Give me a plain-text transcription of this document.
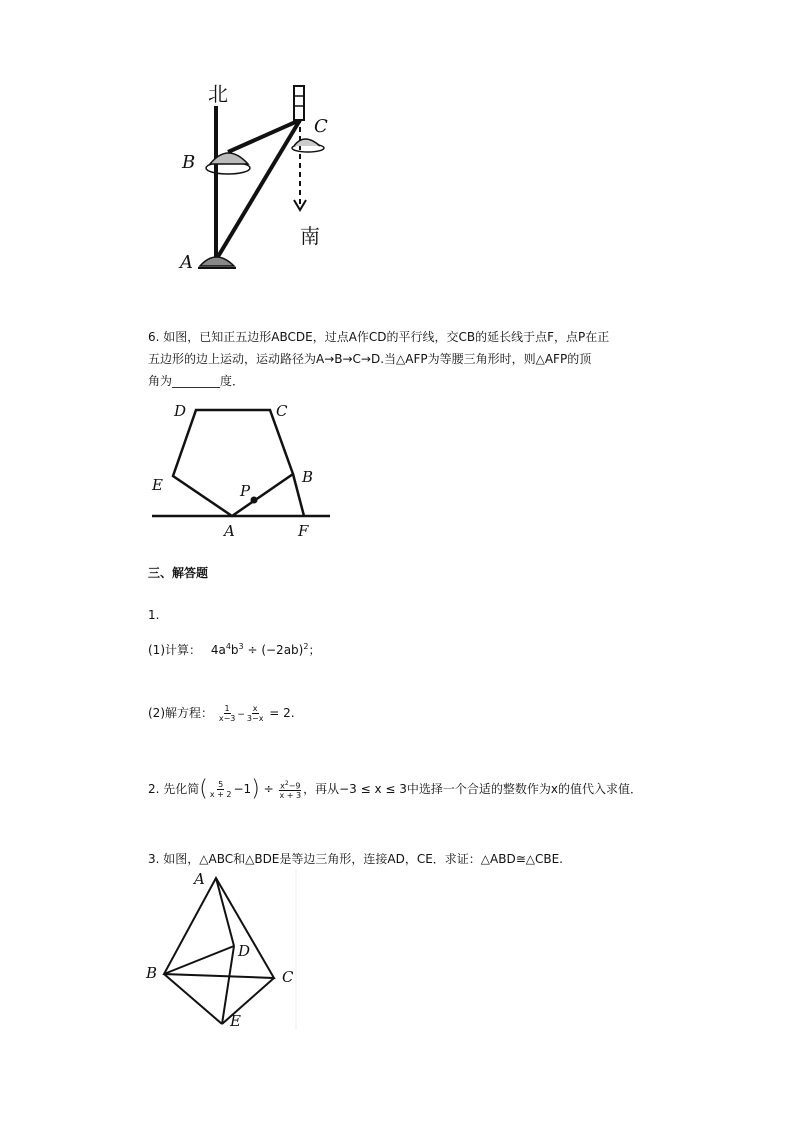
北
南
A
B
C
6. 如图，已知正五边形ABCDE，过点A作CD的平行线，交CB的延长线于点F，点P在正
五边形的边上运动，运动路径为A→B→C→D.当△AFP为等腰三角形时，则△AFP的顶
角为________度．
D	C
E	B
P
A	F
三、解答题
1.
(1)计算： $4a^4b^3 \div (-2ab)^2$；
(2)解方程： $\frac{1}{x-3} - \frac{x}{3-x} = 2$.
2. 先化简( $\frac{5}{x + 2} -1) \div \frac{x^2-9}{x + 3}$ ，再从−3 ≤ x ≤ 3中选择一个合适的整数作为x的值代入求值．
3. 如图，△ABC和△BDE是等边三角形，连接AD，CE．求证：△ABD≅△CBE.
A
D
B	C
E
